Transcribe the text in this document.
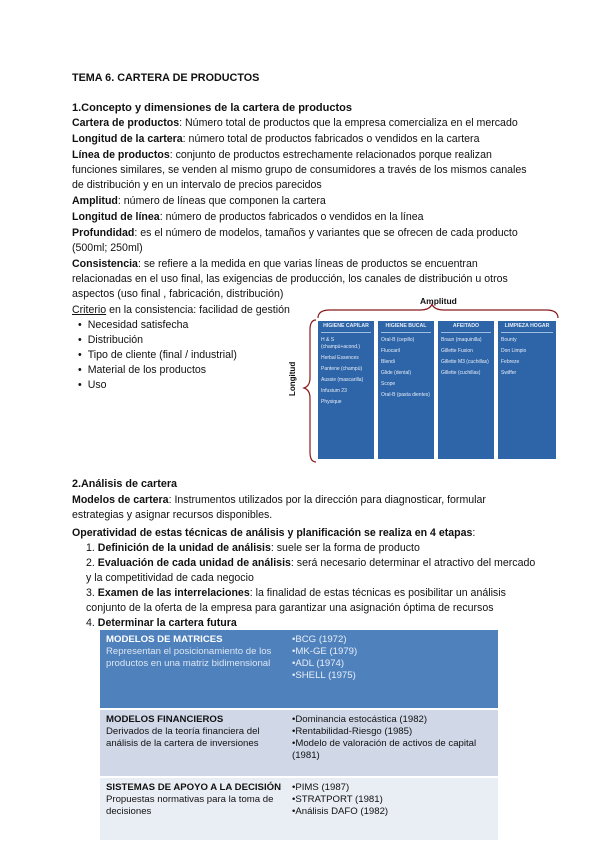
TEMA 6. CARTERA DE PRODUCTOS
1.Concepto y dimensiones de la cartera de productos
Cartera de productos: Número total de productos que la empresa comercializa en el mercado
Longitud de la cartera: número total de productos fabricados o vendidos en la cartera
Línea de productos: conjunto de productos estrechamente relacionados porque realizan
funciones similares, se venden al mismo grupo de consumidores a través de los mismos canales
de distribución y en un intervalo de precios parecidos
Amplitud: número de líneas que componen la cartera
Longitud de línea: número de productos fabricados o vendidos en la línea
Profundidad: es el número de modelos, tamaños y variantes que se ofrecen de cada producto
(500ml; 250ml)
Consistencia: se refiere a la medida en que varias líneas de productos se encuentran
relacionadas en el uso final, las exigencias de producción, los canales de distribución u otros
aspectos (uso final , fabricación, distribución)
Criterio en la consistencia: facilidad de gestión
• Necesidad satisfecha
• Distribución
• Tipo de cliente (final / industrial)
• Material de los productos
• Uso
Amplitud
Longitud
HIGIENE CAPILAR
H & S (champú+acond.)
Herbal Essences
Pantene (champú)
Aussie (mascarilla)
Infusium 23
Physique
HIGIENE BUCAL
Oral-B (cepillo)
Fluocaril
Blendi
Glide (dental)
Scope
Oral-B (pasta dientes)
AFEITADO
Braun (maquinilla)
Gillette Fusion
Gillette M3 (cuchillas)
Gillette (cuchillas)
LIMPIEZA HOGAR
Bounty
Don Limpio
Febreze
Swiffer
2.Análisis de cartera
Modelos de cartera: Instrumentos utilizados por la dirección para diagnosticar, formular
estrategias y asignar recursos disponibles.
Operatividad de estas técnicas de análisis y planificación se realiza en 4 etapas:
1. Definición de la unidad de análisis: suele ser la forma de producto
2. Evaluación de cada unidad de análisis: será necesario determinar el atractivo del mercado
y la competitividad de cada negocio
3. Examen de las interrelaciones: la finalidad de estas técnicas es posibilitar un análisis
conjunto de la oferta de la empresa para garantizar una asignación óptima de recursos
4. Determinar la cartera futura
MODELOS DE MATRICES
Representan el posicionamiento de los productos en una matriz bidimensional
•BCG (1972)
•MK-GE (1979)
•ADL (1974)
•SHELL (1975)
MODELOS FINANCIEROS
Derivados de la teoría financiera del análisis de la cartera de inversiones
•Dominancia estocástica (1982)
•Rentabilidad-Riesgo (1985)
•Modelo de valoración de activos de capital (1981)
SISTEMAS DE APOYO A LA DECISIÓN
Propuestas normativas para la toma de decisiones
•PIMS (1987)
•STRATPORT (1981)
•Análisis DAFO (1982)
